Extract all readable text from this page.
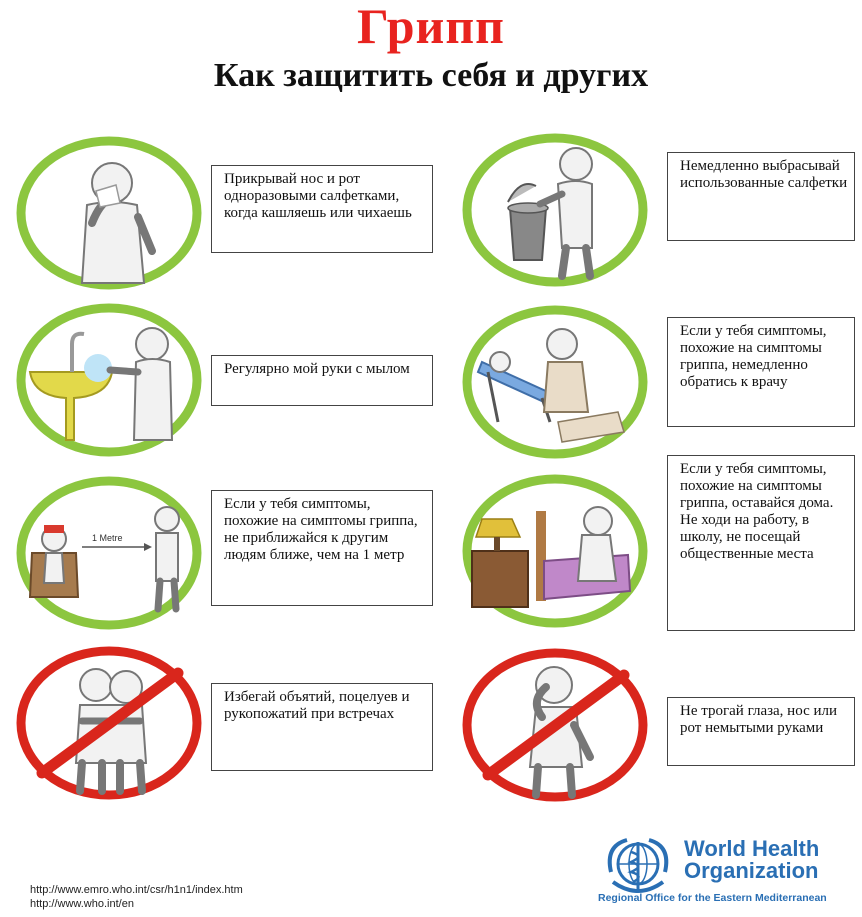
Грипп
Как защитить себя и других
Прикрывай нос и рот одноразовыми салфетками, когда кашляешь или чихаешь
Немедленно выбрасывай использованные салфетки
Регулярно мой руки с мылом
Если у тебя симптомы, похожие на симптомы гриппа, немедленно обратись к врачу
1 Metre
Если у тебя симптомы, похожие на симптомы гриппа, не приближайся к другим людям ближе, чем на 1 метр
Если у тебя симптомы, похожие на симптомы гриппа, оставайся дома. Не ходи на работу, в школу, не посещай общественные места
Избегай объятий, поцелуев и рукопожатий при встречах	Не трогай глаза, нос или рот немытыми руками
http://www.emro.who.int/csr/h1n1/index.htm
http://www.who.int/en
World Health
Organization
Regional Office for the Eastern Mediterranean
